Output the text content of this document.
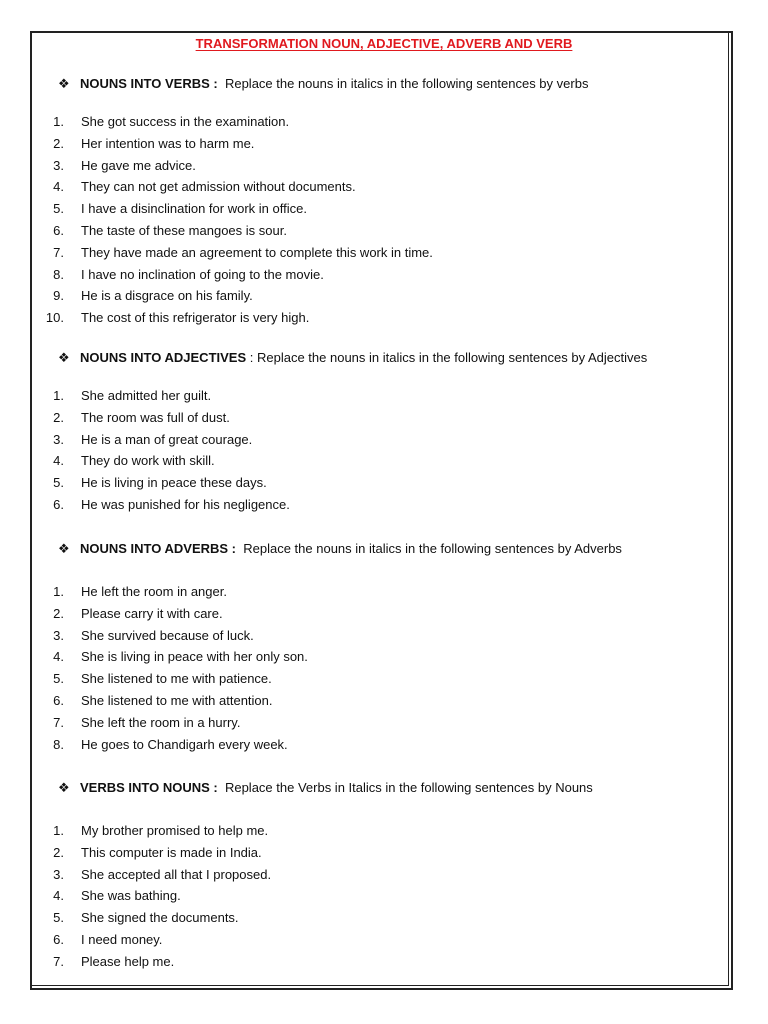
TRANSFORMATION NOUN, ADJECTIVE, ADVERB AND VERB
❖ NOUNS INTO VERBS : Replace the nouns in italics in the following sentences by verbs
1. She got success in the examination.
2. Her intention was to harm me.
3. He gave me advice.
4. They can not get admission without documents.
5. I have a disinclination for work in office.
6. The taste of these mangoes is sour.
7. They have made an agreement to complete this work in time.
8. I have no inclination of going to the movie.
9. He is a disgrace on his family.
10. The cost of this refrigerator is very high.
❖ NOUNS INTO ADJECTIVES : Replace the nouns in italics in the following sentences by Adjectives
1. She admitted her guilt.
2. The room was full of dust.
3. He is a man of great courage.
4. They do work with skill.
5. He is living in peace these days.
6. He was punished for his negligence.
❖ NOUNS INTO ADVERBS : Replace the nouns in italics in the following sentences by Adverbs
1. He left the room in anger.
2. Please carry it with care.
3. She survived because of luck.
4. She is living in peace with her only son.
5. She listened to me with patience.
6. She listened to me with attention.
7. She left the room in a hurry.
8. He goes to Chandigarh every week.
❖ VERBS INTO NOUNS : Replace the Verbs in Italics in the following sentences by Nouns
1. My brother promised to help me.
2. This computer is made in India.
3. She accepted all that I proposed.
4. She was bathing.
5. She signed the documents.
6. I need money.
7. Please help me.
